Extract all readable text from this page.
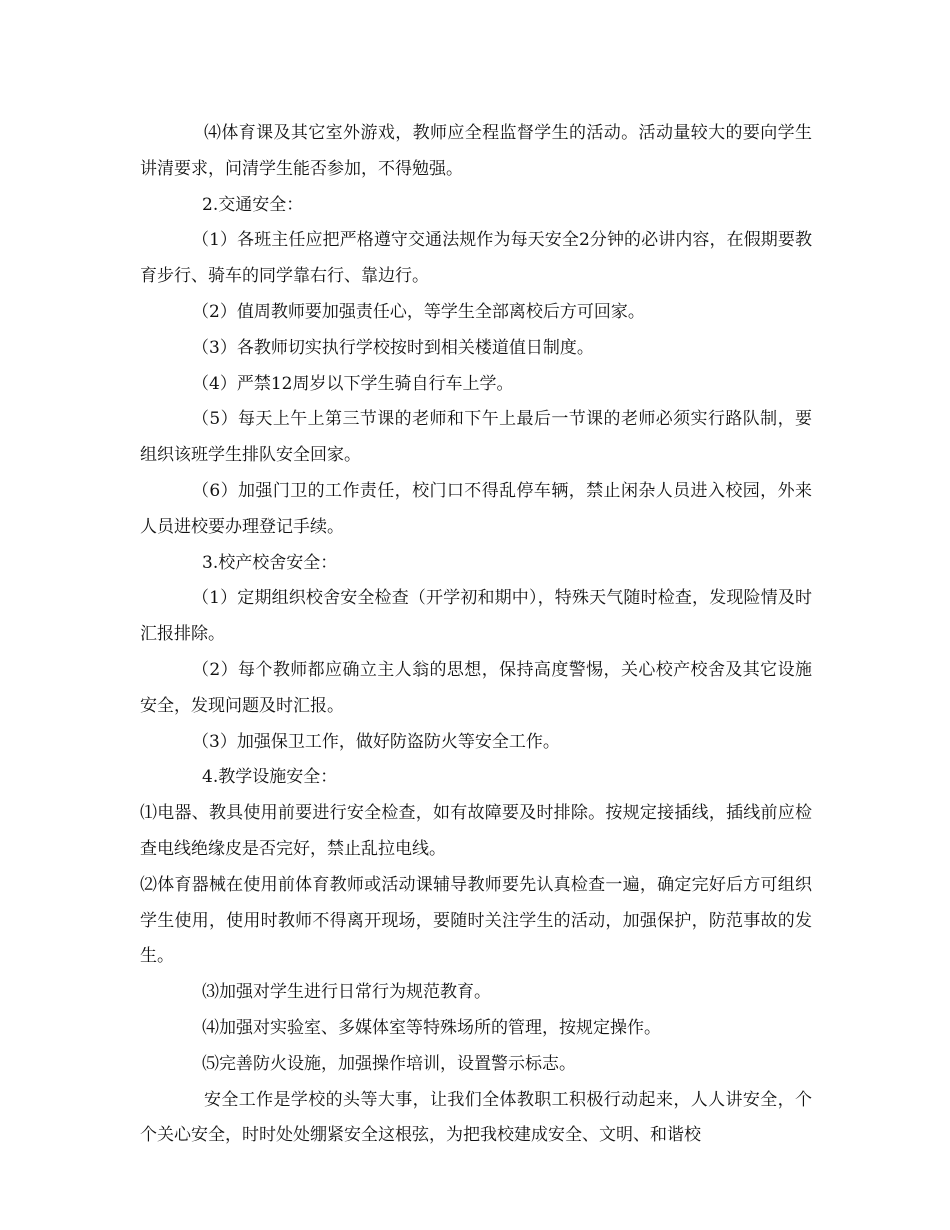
⑷体育课及其它室外游戏，教师应全程监督学生的活动。活动量较大的要向学生讲清要求，问清学生能否参加，不得勉强。

2.交通安全：

（1）各班主任应把严格遵守交通法规作为每天安全2分钟的必讲内容，在假期要教育步行、骑车的同学靠右行、靠边行。

（2）值周教师要加强责任心，等学生全部离校后方可回家。

（3）各教师切实执行学校按时到相关楼道值日制度。

（4）严禁12周岁以下学生骑自行车上学。

（5）每天上午上第三节课的老师和下午上最后一节课的老师必须实行路队制，要组织该班学生排队安全回家。

（6）加强门卫的工作责任，校门口不得乱停车辆，禁止闲杂人员进入校园，外来人员进校要办理登记手续。

3.校产校舍安全：

（1）定期组织校舍安全检查（开学初和期中），特殊天气随时检查，发现险情及时汇报排除。

（2）每个教师都应确立主人翁的思想，保持高度警惕，关心校产校舍及其它设施安全，发现问题及时汇报。

（3）加强保卫工作，做好防盗防火等安全工作。

4.教学设施安全：

⑴电器、教具使用前要进行安全检查，如有故障要及时排除。按规定接插线，插线前应检查电线绝缘皮是否完好，禁止乱拉电线。

⑵体育器械在使用前体育教师或活动课辅导教师要先认真检查一遍，确定完好后方可组织学生使用，使用时教师不得离开现场，要随时关注学生的活动，加强保护，防范事故的发生。

⑶加强对学生进行日常行为规范教育。

⑷加强对实验室、多媒体室等特殊场所的管理，按规定操作。

⑸完善防火设施，加强操作培训，设置警示标志。

安全工作是学校的头等大事，让我们全体教职工积极行动起来，人人讲安全，个个关心安全，时时处处绷紧安全这根弦，为把我校建成安全、文明、和谐校
